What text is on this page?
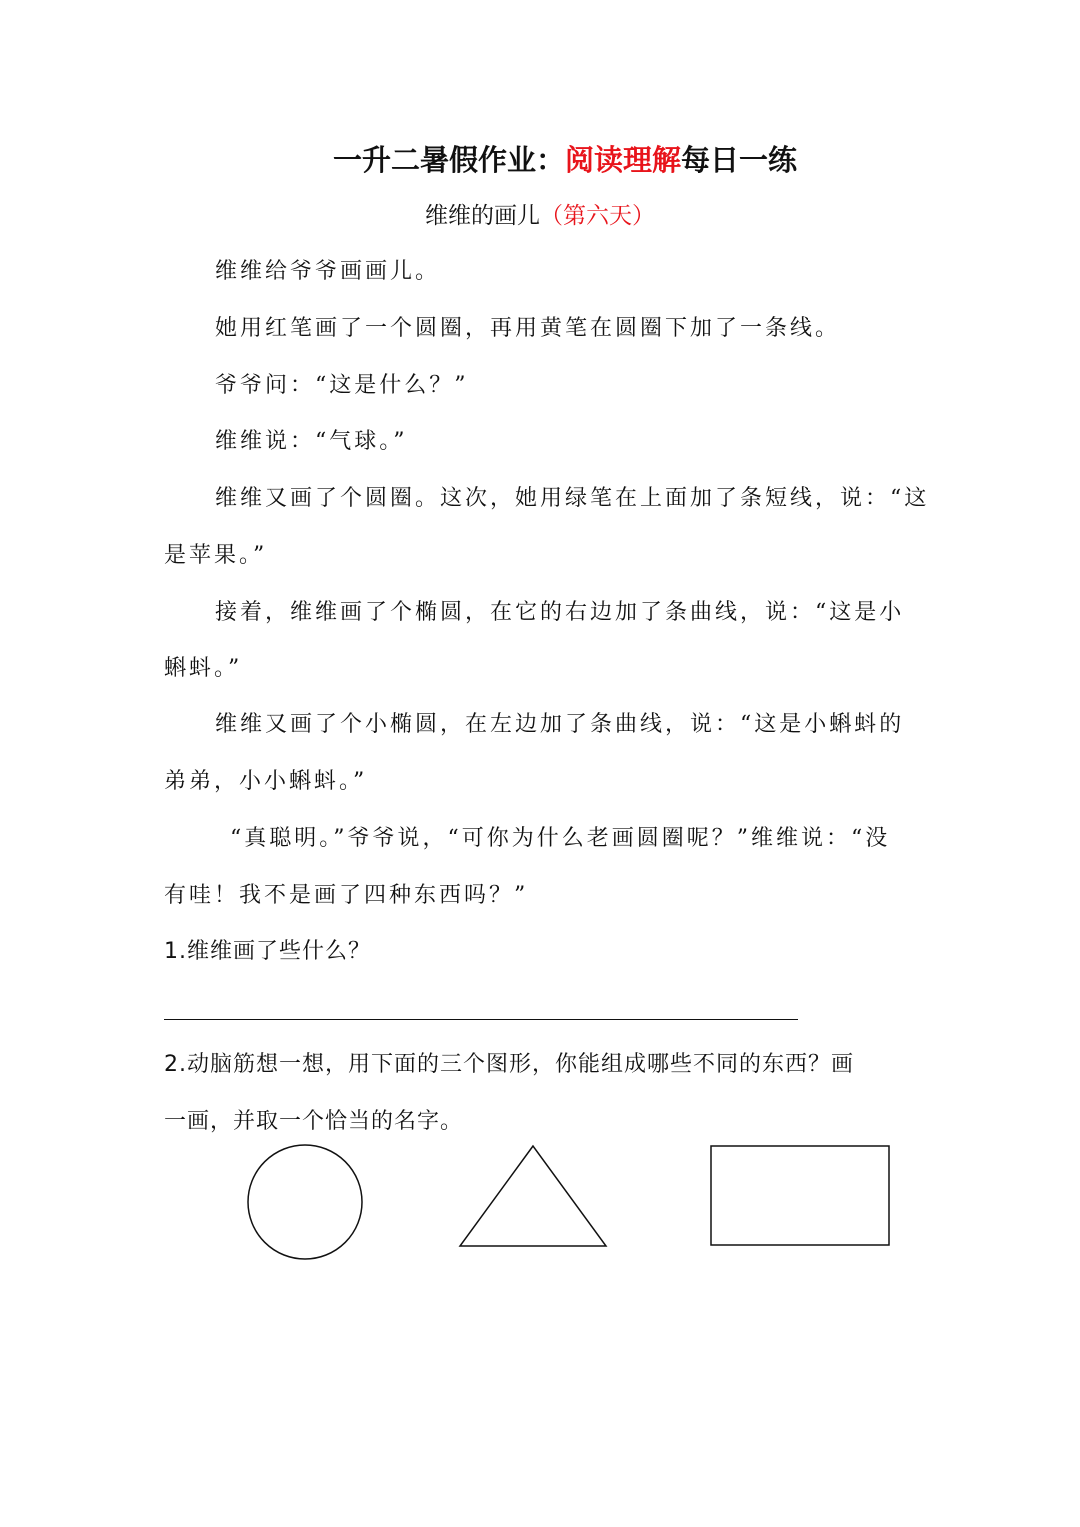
一升二暑假作业：阅读理解每日一练
维维的画儿（第六天）
维维给爷爷画画儿。
她用红笔画了一个圆圈，再用黄笔在圆圈下加了一条线。
爷爷问：“这是什么？”
维维说：“气球。”
维维又画了个圆圈。这次，她用绿笔在上面加了条短线，说：“这
是苹果。”
接着，维维画了个椭圆，在它的右边加了条曲线，说：“这是小
蝌蚪。”
维维又画了个小椭圆，在左边加了条曲线，说：“这是小蝌蚪的
弟弟，小小蝌蚪。”
“真聪明。”爷爷说，“可你为什么老画圆圈呢？”维维说：“没
有哇！我不是画了四种东西吗？”
1.维维画了些什么？
2.动脑筋想一想，用下面的三个图形，你能组成哪些不同的东西？画
一画，并取一个恰当的名字。
